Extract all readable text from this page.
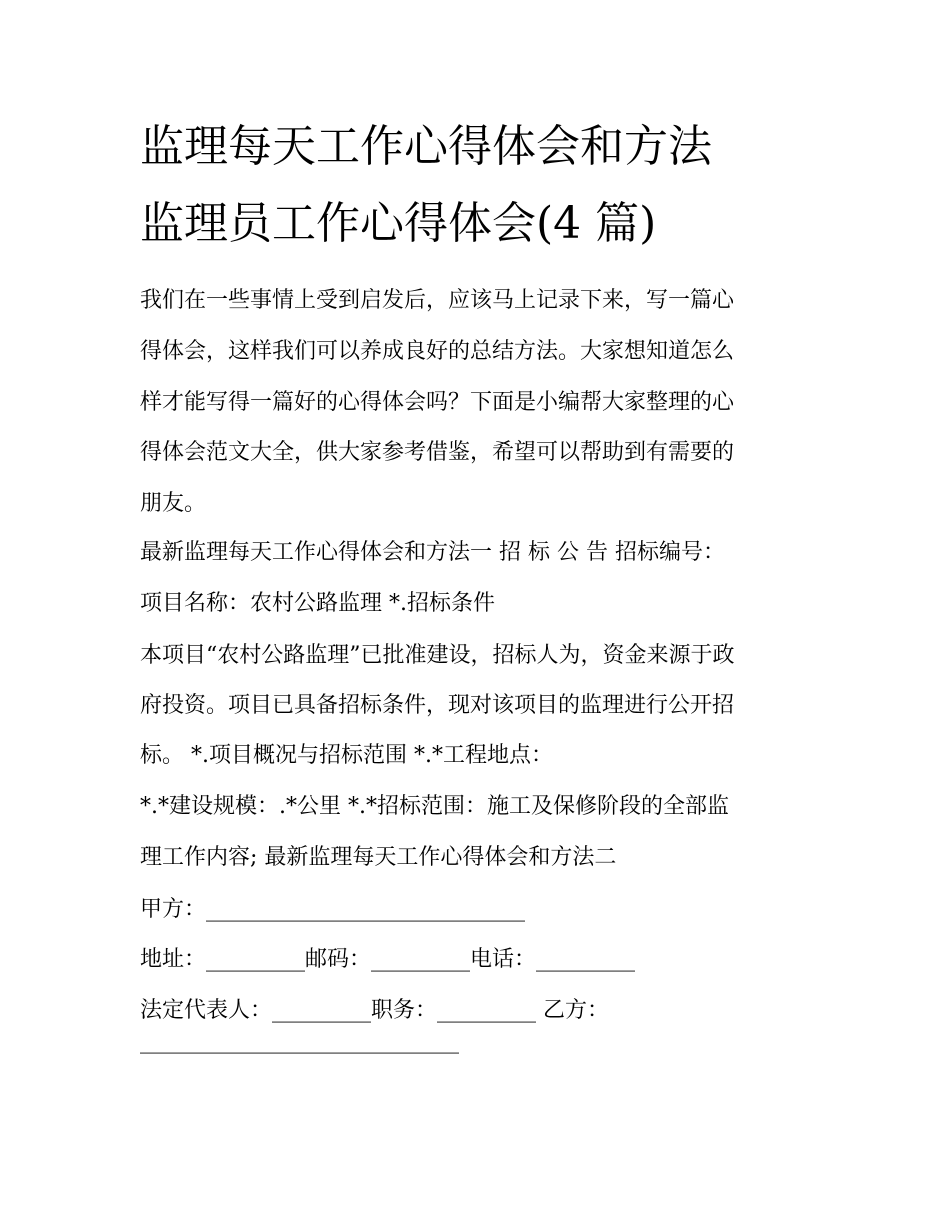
监理每天工作心得体会和方法
监理员工作心得体会(4 篇)

我们在一些事情上受到启发后，应该马上记录下来，写一篇心

得体会，这样我们可以养成良好的总结方法。大家想知道怎么

样才能写得一篇好的心得体会吗？下面是小编帮大家整理的心

得体会范文大全，供大家参考借鉴，希望可以帮助到有需要的

朋友。

最新监理每天工作心得体会和方法一 招 标 公 告 招标编号：

项目名称：农村公路监理 *.招标条件

本项目“农村公路监理”已批准建设，招标人为，资金来源于政

府投资。项目已具备招标条件，现对该项目的监理进行公开招

标。 *.项目概况与招标范围 *.*工程地点：

*.*建设规模：.*公里 *.*招标范围：施工及保修阶段的全部监

理工作内容; 最新监理每天工作心得体会和方法二

甲方：_____________________________

地址：_________邮码：_________电话：_________

法定代表人：_________职务：_________ 乙方：

_____________________________
